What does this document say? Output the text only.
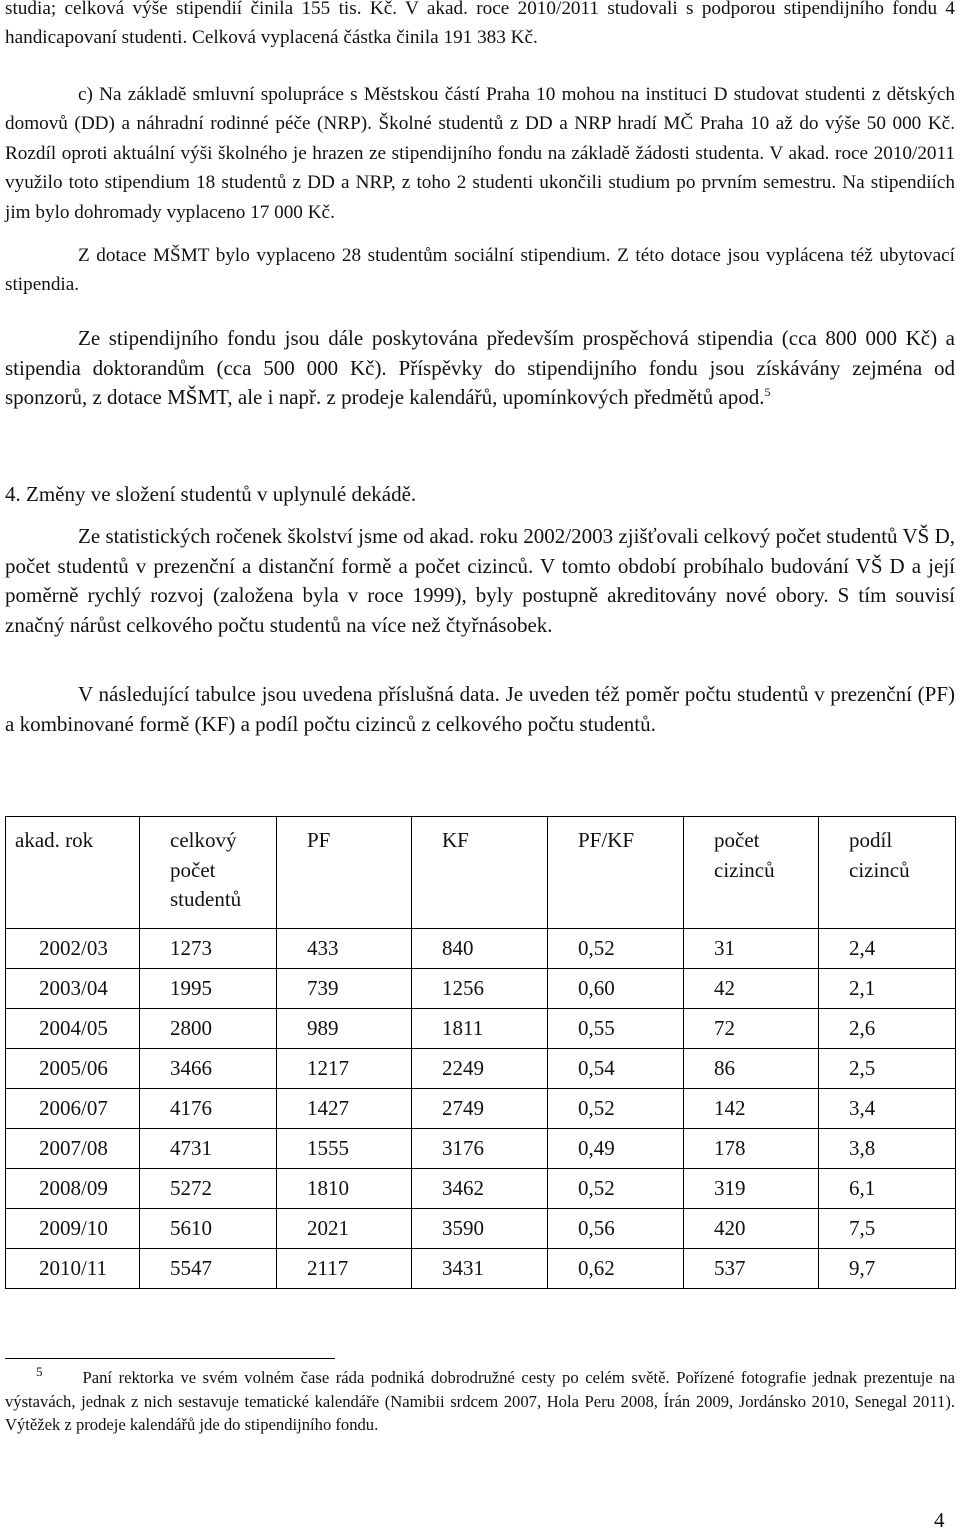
studia; celková výše stipendií činila 155 tis. Kč. V akad. roce 2010/2011 studovali s podporou stipendijního fondu 4 handicapovaní studenti. Celková vyplacená částka činila 191 383 Kč.

c) Na základě smluvní spolupráce s Městskou částí Praha 10 mohou na instituci D studovat studenti z dětských domovů (DD) a náhradní rodinné péče (NRP). Školné studentů z DD a NRP hradí MČ Praha 10 až do výše 50 000 Kč. Rozdíl oproti aktuální výši školného je hrazen ze stipendijního fondu na základě žádosti studenta. V akad. roce 2010/2011 využilo toto stipendium 18 studentů z DD a NRP, z toho 2 studenti ukončili studium po prvním semestru. Na stipendiích jim bylo dohromady vyplaceno 17 000 Kč.

Z dotace MŠMT bylo vyplaceno 28 studentům sociální stipendium. Z této dotace jsou vyplácena též ubytovací stipendia.

Ze stipendijního fondu jsou dále poskytována především prospěchová stipendia (cca 800 000 Kč) a stipendia doktorandům (cca 500 000 Kč). Příspěvky do stipendijního fondu jsou získávány zejména od sponzorů, z dotace MŠMT, ale i např. z prodeje kalendářů, upomínkových předmětů apod.$^5$

4. Změny ve složení studentů v uplynulé dekádě.

Ze statistických ročenek školství jsme od akad. roku 2002/2003 zjišťovali celkový počet studentů VŠ D, počet studentů v prezenční a distanční formě a počet cizinců. V tomto období probíhalo budování VŠ D a její poměrně rychlý rozvoj (založena byla v roce 1999), byly postupně akreditovány nové obory. S tím souvisí značný nárůst celkového počtu studentů na více než čtyřnásobek.

V následující tabulce jsou uvedena příslušná data. Je uveden též poměr počtu studentů v prezenční (PF) a kombinované formě (KF) a podíl počtu cizinců z celkového počtu studentů.

akad. rok	celkový počet studentů	PF	KF	PF/KF	počet cizinců	podíl cizinců
2002/03	1273	433	840	0,52	31	2,4
2003/04	1995	739	1256	0,60	42	2,1
2004/05	2800	989	1811	0,55	72	2,6
2005/06	3466	1217	2249	0,54	86	2,5
2006/07	4176	1427	2749	0,52	142	3,4
2007/08	4731	1555	3176	0,49	178	3,8
2008/09	5272	1810	3462	0,52	319	6,1
2009/10	5610	2021	3590	0,56	420	7,5
2010/11	5547	2117	3431	0,62	537	9,7

$^5$ Paní rektorka ve svém volném čase ráda podniká dobrodružné cesty po celém světě. Pořízené fotografie jednak prezentuje na výstavách, jednak z nich sestavuje tematické kalendáře (Namibii srdcem 2007, Hola Peru 2008, Írán 2009, Jordánsko 2010, Senegal 2011). Výtěžek z prodeje kalendářů jde do stipendijního fondu.

4
